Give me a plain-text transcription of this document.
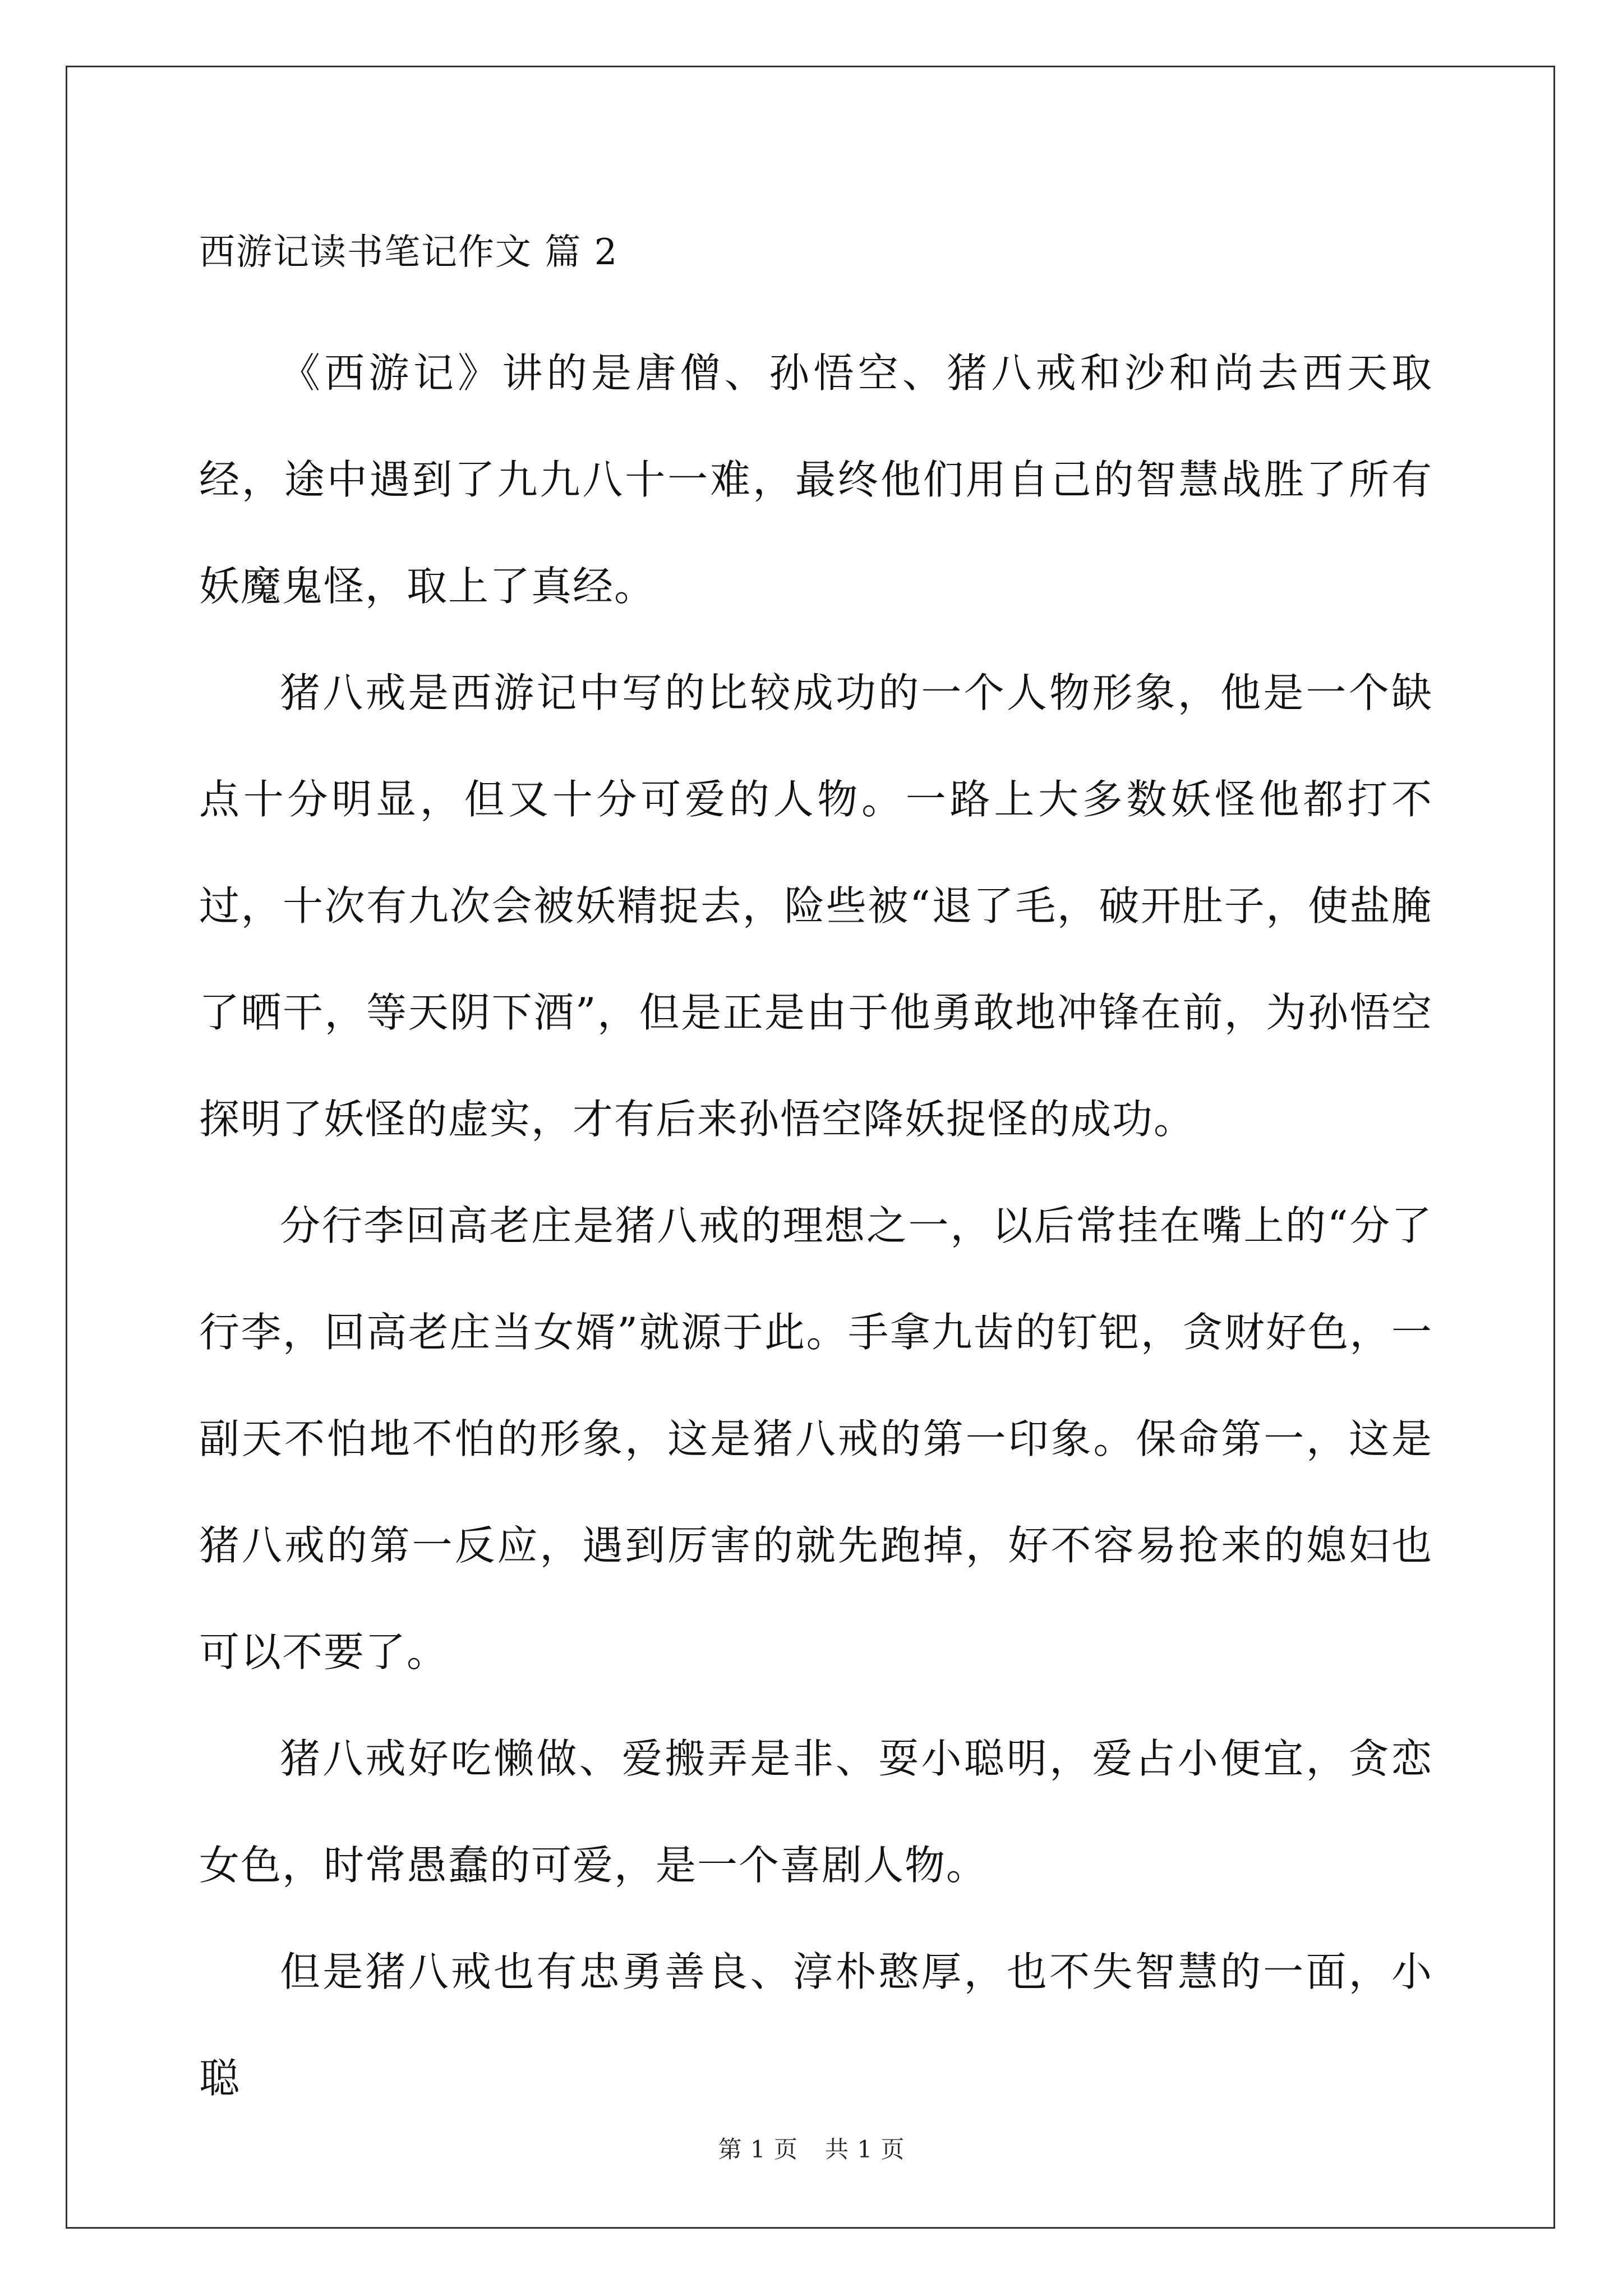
西游记读书笔记作文 篇 2

《西游记》讲的是唐僧、孙悟空、猪八戒和沙和尚去西天取经，途中遇到了九九八十一难，最终他们用自己的智慧战胜了所有妖魔鬼怪，取上了真经。

猪八戒是西游记中写的比较成功的一个人物形象，他是一个缺点十分明显，但又十分可爱的人物。一路上大多数妖怪他都打不过，十次有九次会被妖精捉去，险些被“退了毛，破开肚子，使盐腌了晒干，等天阴下酒”，但是正是由于他勇敢地冲锋在前，为孙悟空探明了妖怪的虚实，才有后来孙悟空降妖捉怪的成功。

分行李回高老庄是猪八戒的理想之一，以后常挂在嘴上的“分了行李，回高老庄当女婿”就源于此。手拿九齿的钉钯，贪财好色，一副天不怕地不怕的形象，这是猪八戒的第一印象。保命第一，这是猪八戒的第一反应，遇到厉害的就先跑掉，好不容易抢来的媳妇也可以不要了。

猪八戒好吃懒做、爱搬弄是非、耍小聪明，爱占小便宜，贪恋女色，时常愚蠢的可爱，是一个喜剧人物。

但是猪八戒也有忠勇善良、淳朴憨厚，也不失智慧的一面，小聪

第 1 页 共 1 页
